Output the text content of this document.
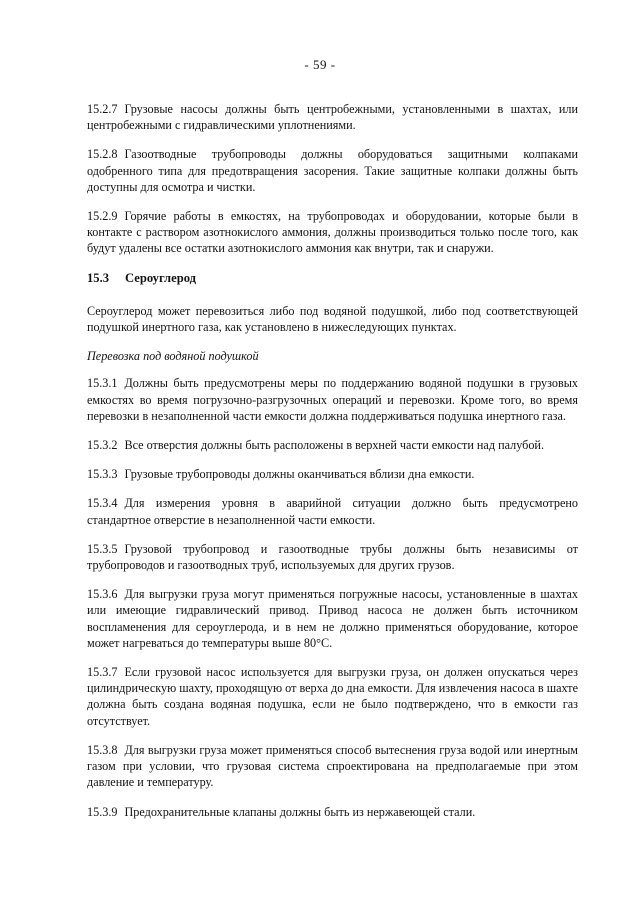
- 59 -

15.2.7 Грузовые насосы должны быть центробежными, установленными в шахтах, или центробежными с гидравлическими уплотнениями.

15.2.8 Газоотводные трубопроводы должны оборудоваться защитными колпаками одобренного типа для предотвращения засорения. Такие защитные колпаки должны быть доступны для осмотра и чистки.

15.2.9 Горячие работы в емкостях, на трубопроводах и оборудовании, которые были в контакте с раствором азотнокислого аммония, должны производиться только после того, как будут удалены все остатки азотнокислого аммония как внутри, так и снаружи.

15.3 Сероуглерод

Сероуглерод может перевозиться либо под водяной подушкой, либо под соответствующей подушкой инертного газа, как установлено в нижеследующих пунктах.

Перевозка под водяной подушкой

15.3.1 Должны быть предусмотрены меры по поддержанию водяной подушки в грузовых емкостях во время погрузочно-разгрузочных операций и перевозки. Кроме того, во время перевозки в незаполненной части емкости должна поддерживаться подушка инертного газа.

15.3.2 Все отверстия должны быть расположены в верхней части емкости над палубой.

15.3.3 Грузовые трубопроводы должны оканчиваться вблизи дна емкости.

15.3.4 Для измерения уровня в аварийной ситуации должно быть предусмотрено стандартное отверстие в незаполненной части емкости.

15.3.5 Грузовой трубопровод и газоотводные трубы должны быть независимы от трубопроводов и газоотводных труб, используемых для других грузов.

15.3.6 Для выгрузки груза могут применяться погружные насосы, установленные в шахтах или имеющие гидравлический привод. Привод насоса не должен быть источником воспламенения для сероуглерода, и в нем не должно применяться оборудование, которое может нагреваться до температуры выше 80°C.

15.3.7 Если грузовой насос используется для выгрузки груза, он должен опускаться через цилиндрическую шахту, проходящую от верха до дна емкости. Для извлечения насоса в шахте должна быть создана водяная подушка, если не было подтверждено, что в емкости газ отсутствует.

15.3.8 Для выгрузки груза может применяться способ вытеснения груза водой или инертным газом при условии, что грузовая система спроектирована на предполагаемые при этом давление и температуру.

15.3.9 Предохранительные клапаны должны быть из нержавеющей стали.
